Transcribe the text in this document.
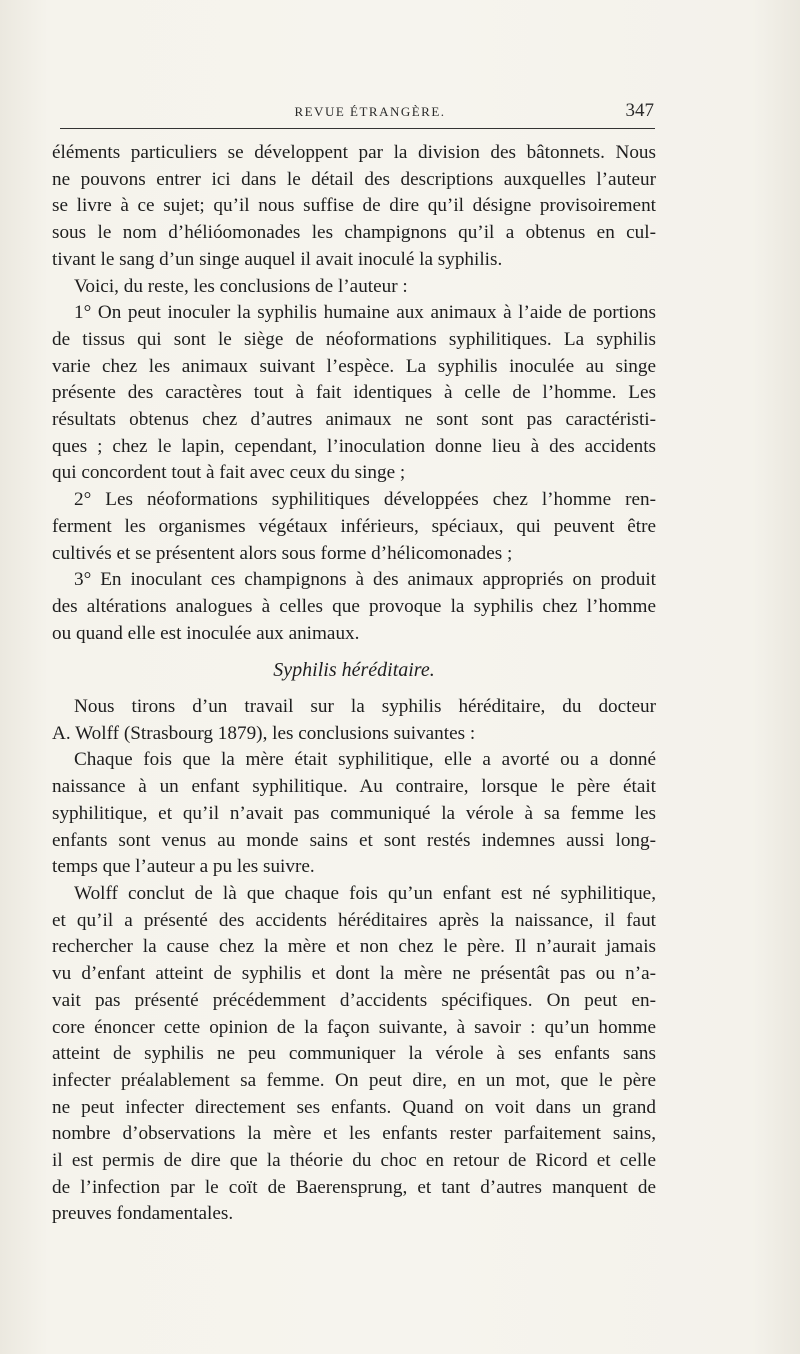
REVUE ÉTRANGÈRE.	347
éléments particuliers se développent par la division des bâtonnets. Nous
ne pouvons entrer ici dans le détail des descriptions auxquelles l’auteur
se livre à ce sujet; qu’il nous suffise de dire qu’il désigne provisoirement
sous le nom d’hélióomonades les champignons qu’il a obtenus en cul-
tivant le sang d’un singe auquel il avait inoculé la syphilis.
Voici, du reste, les conclusions de l’auteur :
1° On peut inoculer la syphilis humaine aux animaux à l’aide de portions
de tissus qui sont le siège de néoformations syphilitiques. La syphilis
varie chez les animaux suivant l’espèce. La syphilis inoculée au singe
présente des caractères tout à fait identiques à celle de l’homme. Les
résultats obtenus chez d’autres animaux ne sont sont pas caractéristi-
ques ; chez le lapin, cependant, l’inoculation donne lieu à des accidents
qui concordent tout à fait avec ceux du singe ;
2° Les néoformations syphilitiques développées chez l’homme ren-
ferment les organismes végétaux inférieurs, spéciaux, qui peuvent être
cultivés et se présentent alors sous forme d’hélicomonades ;
3° En inoculant ces champignons à des animaux appropriés on produit
des altérations analogues à celles que provoque la syphilis chez l’homme
ou quand elle est inoculée aux animaux.
Syphilis héréditaire.
Nous tirons d’un travail sur la syphilis héréditaire, du docteur
A. Wolff (Strasbourg 1879), les conclusions suivantes :
Chaque fois que la mère était syphilitique, elle a avorté ou a donné
naissance à un enfant syphilitique. Au contraire, lorsque le père était
syphilitique, et qu’il n’avait pas communiqué la vérole à sa femme les
enfants sont venus au monde sains et sont restés indemnes aussi long-
temps que l’auteur a pu les suivre.
Wolff conclut de là que chaque fois qu’un enfant est né syphilitique,
et qu’il a présenté des accidents héréditaires après la naissance, il faut
rechercher la cause chez la mère et non chez le père. Il n’aurait jamais
vu d’enfant atteint de syphilis et dont la mère ne présentât pas ou n’a-
vait pas présenté précédemment d’accidents spécifiques. On peut en-
core énoncer cette opinion de la façon suivante, à savoir : qu’un homme
atteint de syphilis ne peu communiquer la vérole à ses enfants sans
infecter préalablement sa femme. On peut dire, en un mot, que le père
ne peut infecter directement ses enfants. Quand on voit dans un grand
nombre d’observations la mère et les enfants rester parfaitement sains,
il est permis de dire que la théorie du choc en retour de Ricord et celle
de l’infection par le coït de Baerensprung, et tant d’autres manquent de
preuves fondamentales.
